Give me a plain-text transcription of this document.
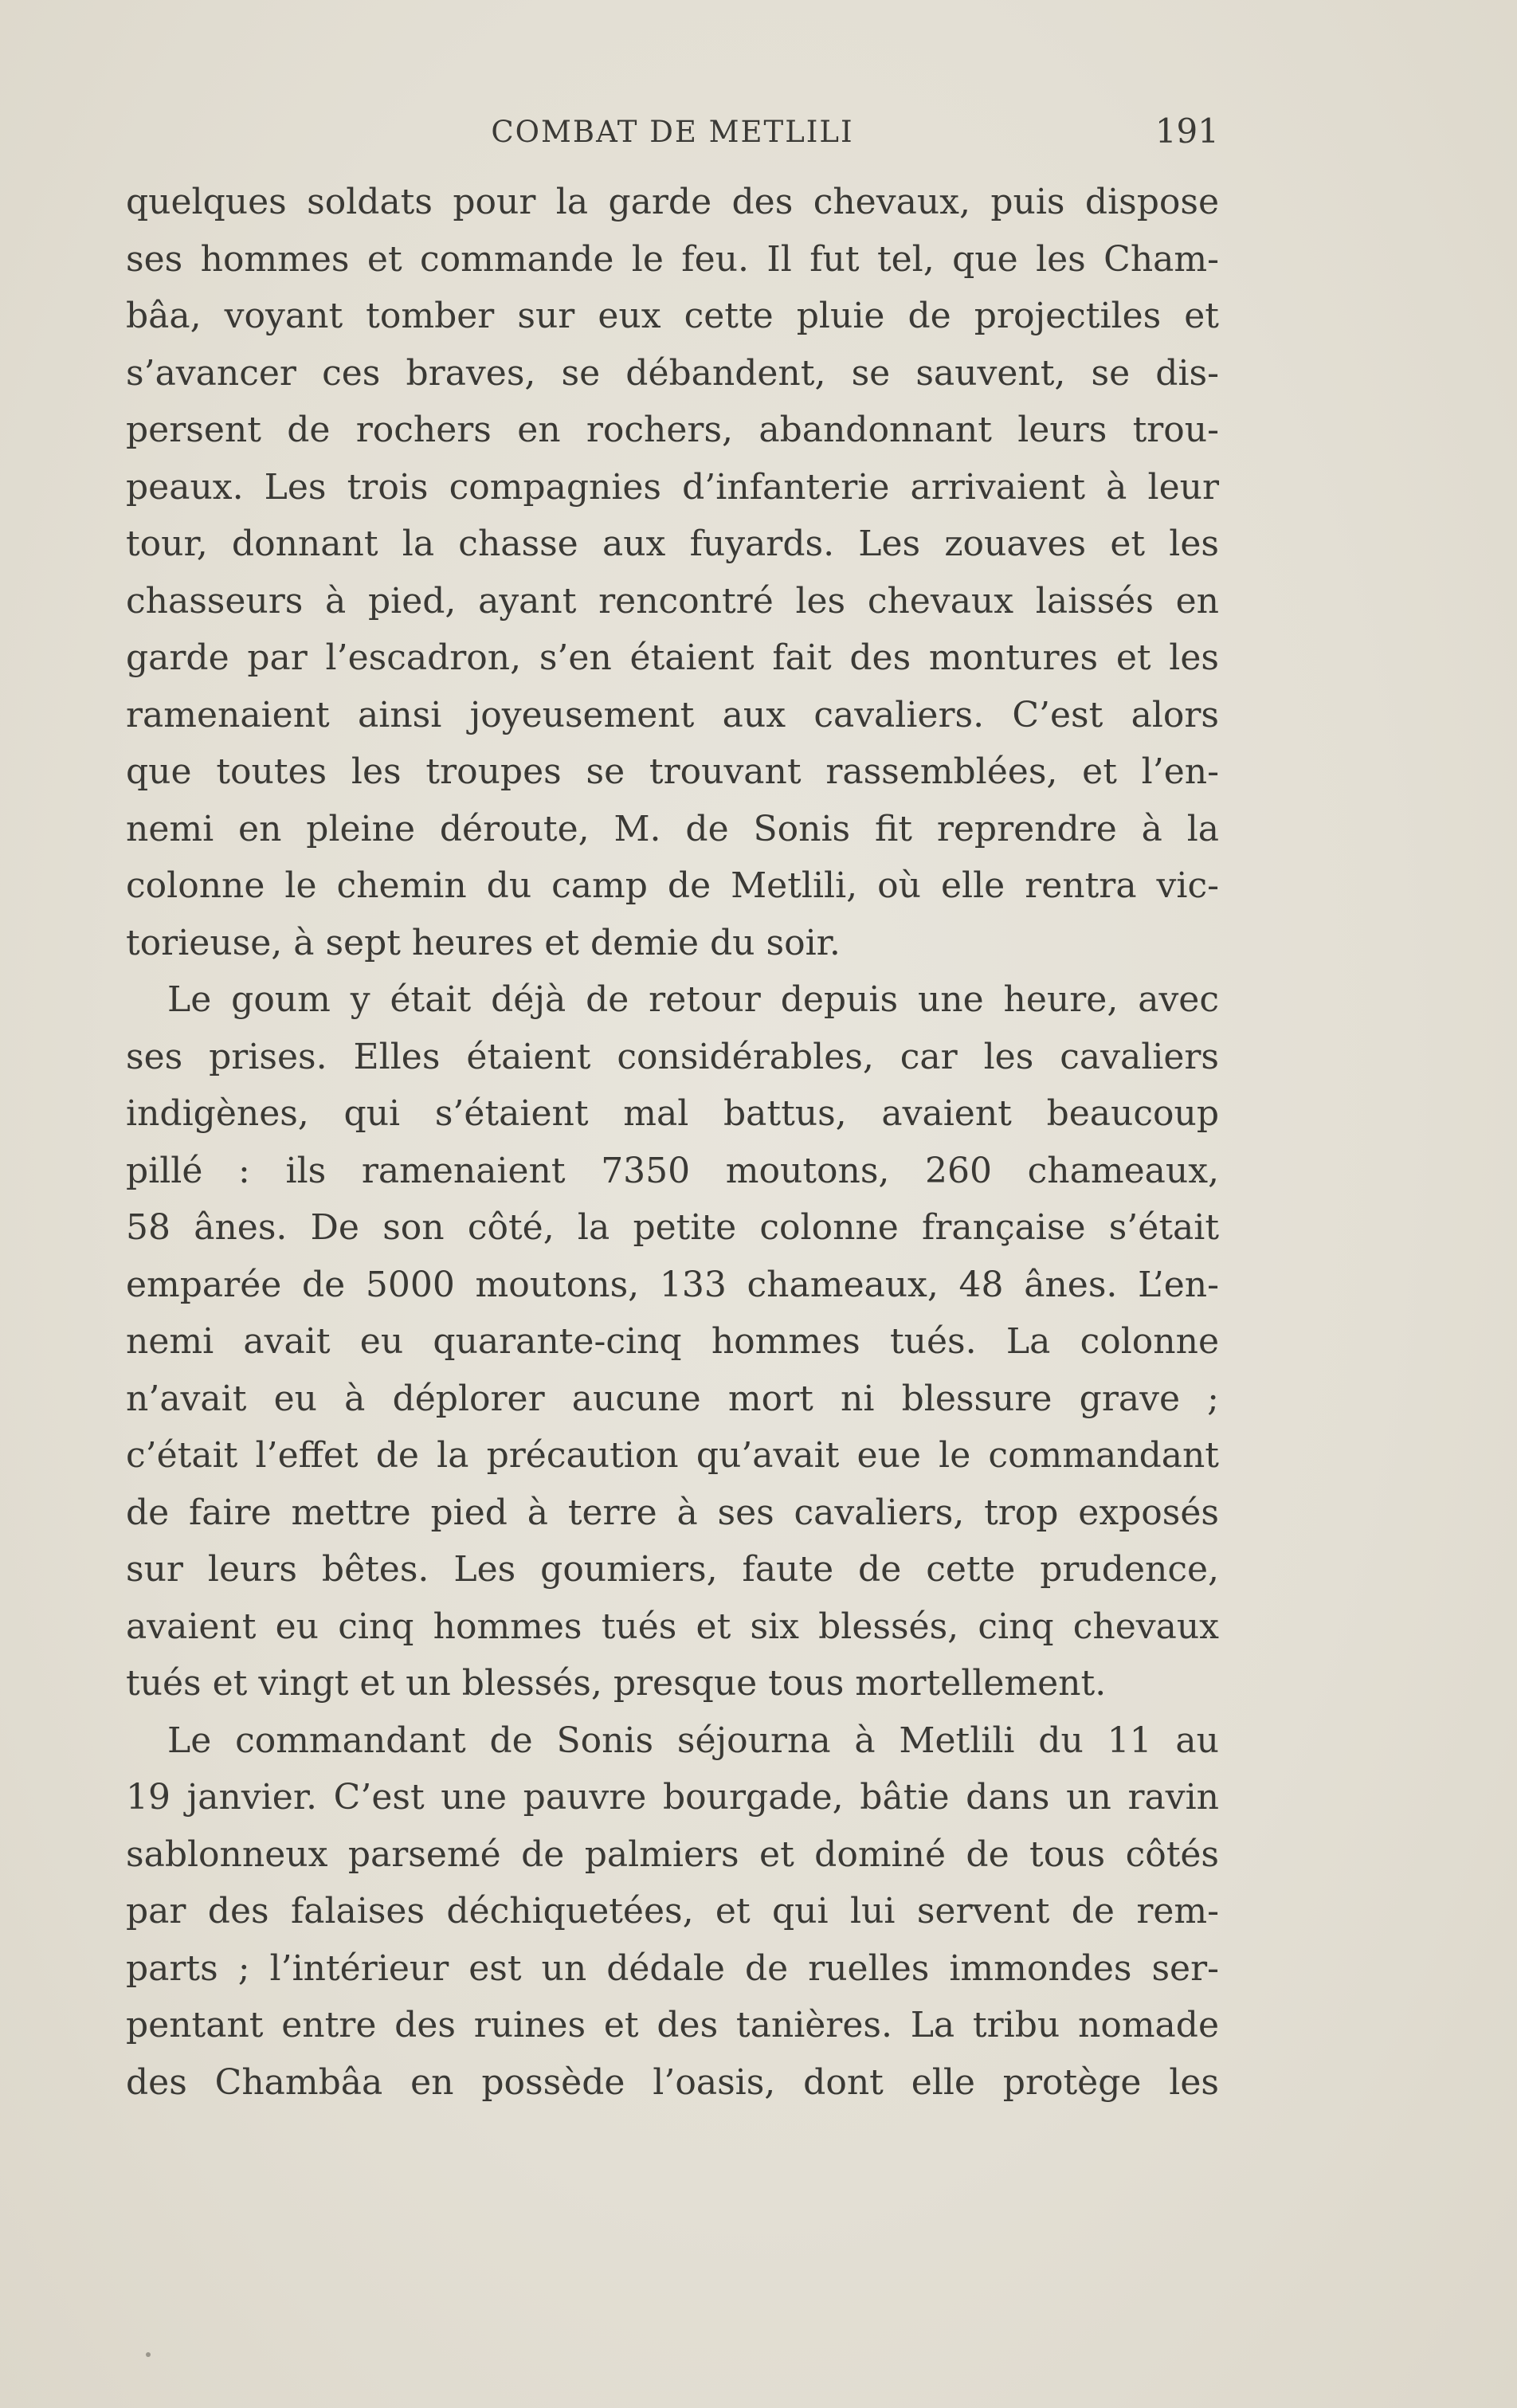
COMBAT DE METLILI	191
quelques soldats pour la garde des chevaux, puis dispose
ses hommes et commande le feu. Il fut tel, que les Cham-
bâa, voyant tomber sur eux cette pluie de projectiles et
s’avancer ces braves, se débandent, se sauvent, se dis-
persent de rochers en rochers, abandonnant leurs trou-
peaux. Les trois compagnies d’infanterie arrivaient à leur
tour, donnant la chasse aux fuyards. Les zouaves et les
chasseurs à pied, ayant rencontré les chevaux laissés en
garde par l’escadron, s’en étaient fait des montures et les
ramenaient ainsi joyeusement aux cavaliers. C’est alors
que toutes les troupes se trouvant rassemblées, et l’en-
nemi en pleine déroute, M. de Sonis fit reprendre à la
colonne le chemin du camp de Metlili, où elle rentra vic-
torieuse, à sept heures et demie du soir.
Le goum y était déjà de retour depuis une heure, avec
ses prises. Elles étaient considérables, car les cavaliers
indigènes, qui s’étaient mal battus, avaient beaucoup
pillé : ils ramenaient 7350 moutons, 260 chameaux,
58 ânes. De son côté, la petite colonne française s’était
emparée de 5000 moutons, 133 chameaux, 48 ânes. L’en-
nemi avait eu quarante-cinq hommes tués. La colonne
n’avait eu à déplorer aucune mort ni blessure grave ;
c’était l’effet de la précaution qu’avait eue le commandant
de faire mettre pied à terre à ses cavaliers, trop exposés
sur leurs bêtes. Les goumiers, faute de cette prudence,
avaient eu cinq hommes tués et six blessés, cinq chevaux
tués et vingt et un blessés, presque tous mortellement.
Le commandant de Sonis séjourna à Metlili du 11 au
19 janvier. C’est une pauvre bourgade, bâtie dans un ravin
sablonneux parsemé de palmiers et dominé de tous côtés
par des falaises déchiquetées, et qui lui servent de rem-
parts ; l’intérieur est un dédale de ruelles immondes ser-
pentant entre des ruines et des tanières. La tribu nomade
des Chambâa en possède l’oasis, dont elle protège les
